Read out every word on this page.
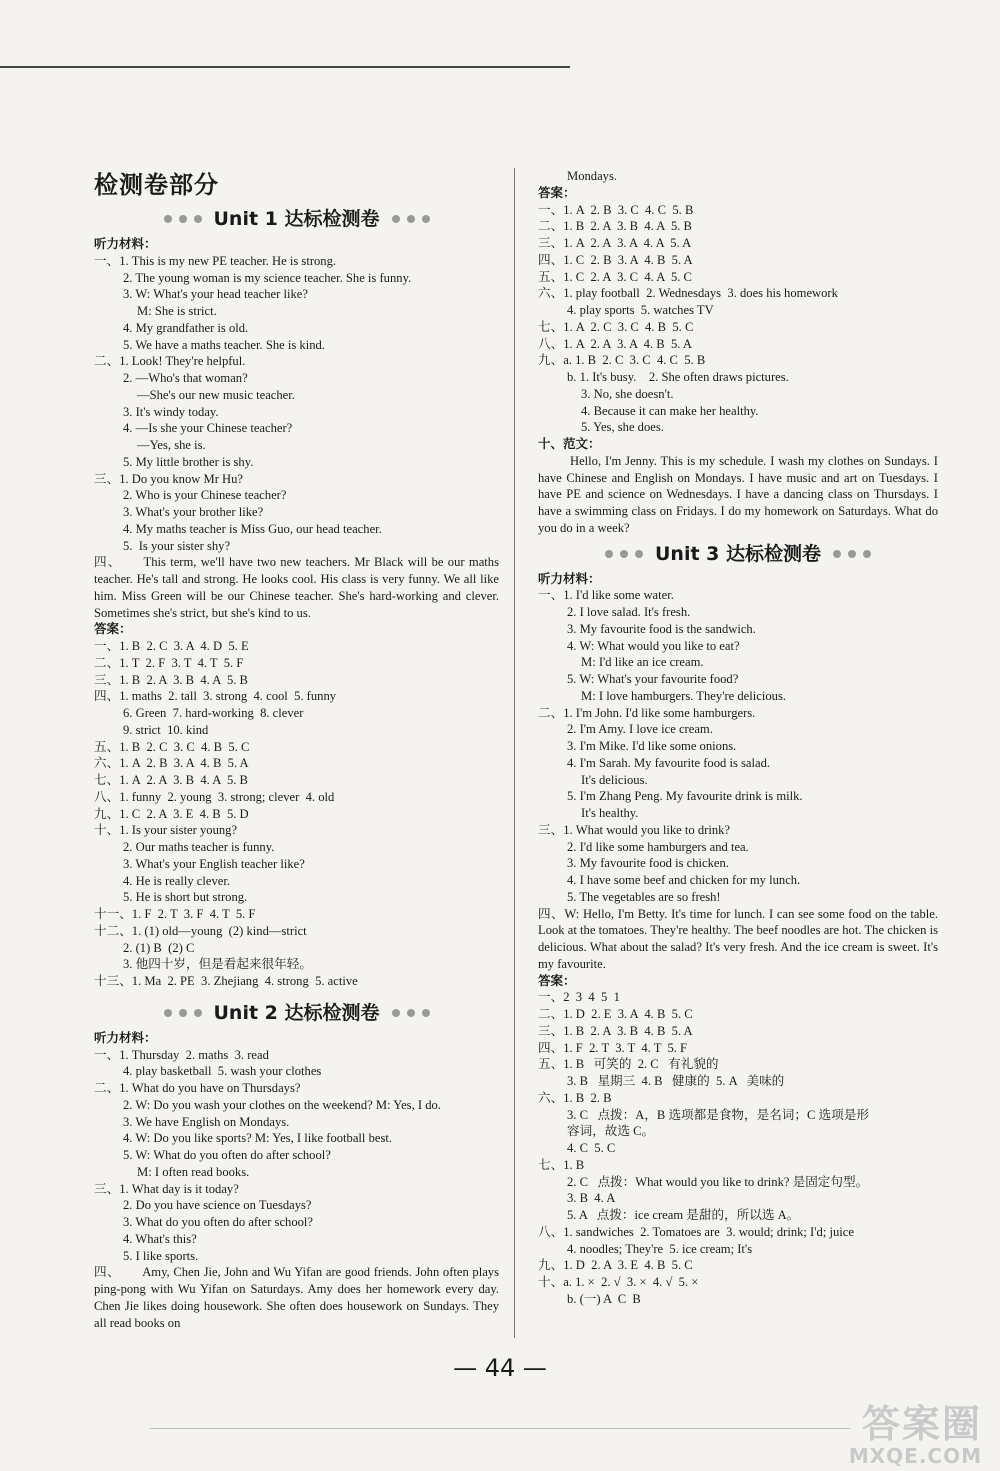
检测卷部分
Unit 1 达标检测卷
听力材料：
一、1. This is my new PE teacher. He is strong.
2. The young woman is my science teacher. She is funny.
3. W: What's your head teacher like?
M: She is strict.
4. My grandfather is old.
5. We have a maths teacher. She is kind.
二、1. Look! They're helpful.
2. —Who's that woman?
—She's our new music teacher.
3. It's windy today.
4. —Is she your Chinese teacher?
—Yes, she is.
5. My little brother is shy.
三、1. Do you know Mr Hu?
2. Who is your Chinese teacher?
3. What's your brother like?
4. My maths teacher is Miss Guo, our head teacher.
5.  Is your sister shy?
四、 This term, we'll have two new teachers. Mr Black will be our maths teacher. He's tall and strong. He looks cool. His class is very funny. We all like him. Miss Green will be our Chinese teacher. She's hard-working and clever. Sometimes she's strict, but she's kind to us.
答案：
一、1. B  2. C  3. A  4. D  5. E
二、1. T  2. F  3. T  4. T  5. F
三、1. B  2. A  3. B  4. A  5. B
四、1. maths  2. tall  3. strong  4. cool  5. funny
6. Green  7. hard-working  8. clever
9. strict  10. kind
五、1. B  2. C  3. C  4. B  5. C
六、1. A  2. B  3. A  4. B  5. A
七、1. A  2. A  3. B  4. A  5. B
八、1. funny  2. young  3. strong; clever  4. old
九、1. C  2. A  3. E  4. B  5. D
十、1. Is your sister young?
2. Our maths teacher is funny.
3. What's your English teacher like?
4. He is really clever.
5. He is short but strong.
十一、1. F  2. T  3. F  4. T  5. F
十二、1. (1) old—young  (2) kind—strict
2. (1) B  (2) C
3. 他四十岁，但是看起来很年轻。
十三、1. Ma  2. PE  3. Zhejiang  4. strong  5. active
Unit 2 达标检测卷
听力材料：
一、1. Thursday  2. maths  3. read
4. play basketball  5. wash your clothes
二、1. What do you have on Thursdays?
2. W: Do you wash your clothes on the weekend? M: Yes, I do.
3. We have English on Mondays.
4. W: Do you like sports? M: Yes, I like football best.
5. W: What do you often do after school?
M: I often read books.
三、1. What day is it today?
2. Do you have science on Tuesdays?
3. What do you often do after school?
4. What's this?
5. I like sports.
四、 Amy, Chen Jie, John and Wu Yifan are good friends. John often plays ping-pong with Wu Yifan on Saturdays. Amy does her homework every day. Chen Jie likes doing housework. She often does housework on Sundays. They all read books on
Mondays.
答案：
一、1. A  2. B  3. C  4. C  5. B
二、1. B  2. A  3. B  4. A  5. B
三、1. A  2. A  3. A  4. A  5. A
四、1. C  2. B  3. A  4. B  5. A
五、1. C  2. A  3. C  4. A  5. C
六、1. play football  2. Wednesdays  3. does his homework
4. play sports  5. watches TV
七、1. A  2. C  3. C  4. B  5. C
八、1. A  2. A  3. A  4. B  5. A
九、a. 1. B  2. C  3. C  4. C  5. B
b. 1. It's busy.    2. She often draws pictures.
3. No, she doesn't.
4. Because it can make her healthy.
5. Yes, she does.
十、范文：
Hello, I'm Jenny. This is my schedule. I wash my clothes on Sundays. I have Chinese and English on Mondays. I have music and art on Tuesdays. I have PE and science on Wednesdays. I have a dancing class on Thursdays. I have a swimming class on Fridays. I do my homework on Saturdays. What do you do in a week?
Unit 3 达标检测卷
听力材料：
一、1. I'd like some water.
2. I love salad. It's fresh.
3. My favourite food is the sandwich.
4. W: What would you like to eat?
M: I'd like an ice cream.
5. W: What's your favourite food?
M: I love hamburgers. They're delicious.
二、1. I'm John. I'd like some hamburgers.
2. I'm Amy. I love ice cream.
3. I'm Mike. I'd like some onions.
4. I'm Sarah. My favourite food is salad.
It's delicious.
5. I'm Zhang Peng. My favourite drink is milk.
It's healthy.
三、1. What would you like to drink?
2. I'd like some hamburgers and tea.
3. My favourite food is chicken.
4. I have some beef and chicken for my lunch.
5. The vegetables are so fresh!
四、W: Hello, I'm Betty. It's time for lunch. I can see some food on the table. Look at the tomatoes. They're healthy. The beef noodles are hot. The chicken is delicious. What about the salad? It's very fresh. And the ice cream is sweet. It's my favourite.
答案：
一、2  3  4  5  1
二、1. D  2. E  3. A  4. B  5. C
三、1. B  2. A  3. B  4. B  5. A
四、1. F  2. T  3. T  4. T  5. F
五、1. B   可笑的  2. C   有礼貌的
3. B   星期三  4. B   健康的  5. A   美味的
六、1. B  2. B
3. C   点拨：A，B 选项都是食物，是名词；C 选项是形
容词，故选 C。
4. C  5. C
七、1. B
2. C   点拨：What would you like to drink? 是固定句型。
3. B  4. A
5. A   点拨：ice cream 是甜的，所以选 A。
八、1. sandwiches  2. Tomatoes are  3. would; drink; I'd; juice
4. noodles; They're  5. ice cream; It's
九、1. D  2. A  3. E  4. B  5. C
十、a. 1. ×  2. √  3. ×  4. √  5. ×
b. (一) A  C  B
— 44 —
答案圈
MXQE.COM
